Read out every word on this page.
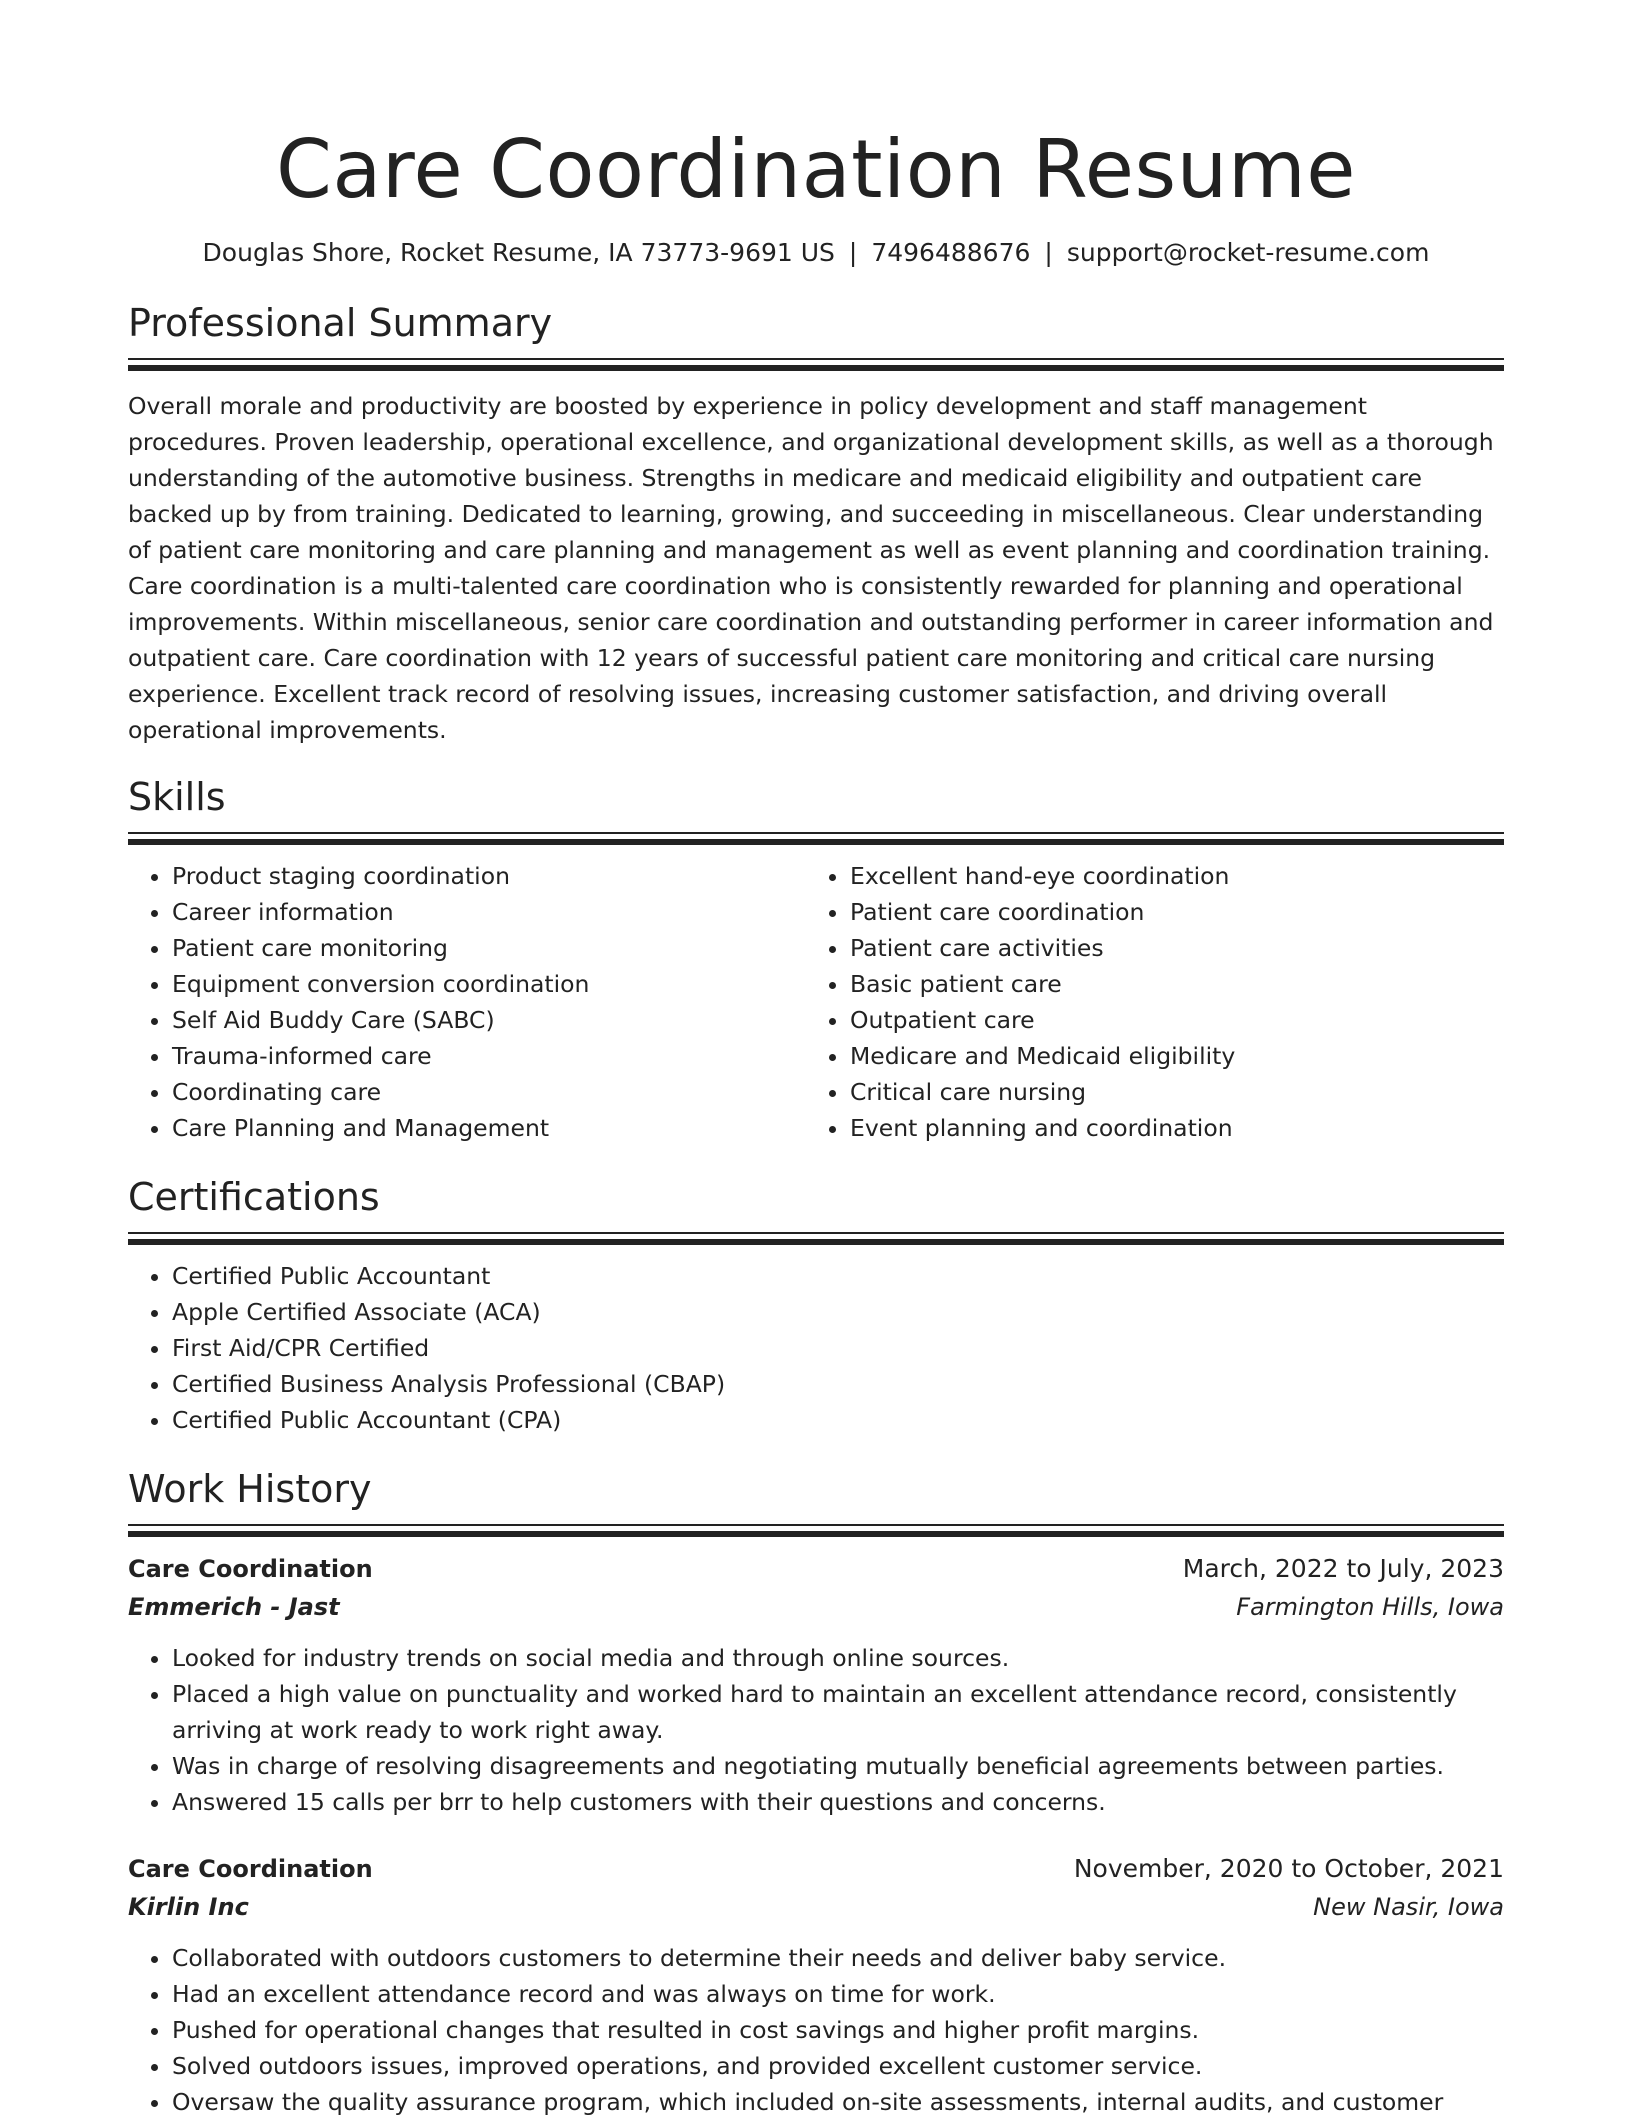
Care Coordination Resume
Douglas Shore, Rocket Resume, IA 73773-9691 US | 7496488676 | support@rocket-resume.com
Professional Summary

Overall morale and productivity are boosted by experience in policy development and staff management procedures. Proven leadership, operational excellence, and organizational development skills, as well as a thorough understanding of the automotive business. Strengths in medicare and medicaid eligibility and outpatient care backed up by from training. Dedicated to learning, growing, and succeeding in miscellaneous. Clear understanding of patient care monitoring and care planning and management as well as event planning and coordination training. Care coordination is a multi-talented care coordination who is consistently rewarded for planning and operational improvements. Within miscellaneous, senior care coordination and outstanding performer in career information and outpatient care. Care coordination with 12 years of successful patient care monitoring and critical care nursing experience. Excellent track record of resolving issues, increasing customer satisfaction, and driving overall operational improvements.

Skills
• Product staging coordination
• Career information
• Patient care monitoring
• Equipment conversion coordination
• Self Aid Buddy Care (SABC)
• Trauma-informed care
• Coordinating care
• Care Planning and Management
• Excellent hand-eye coordination
• Patient care coordination
• Patient care activities
• Basic patient care
• Outpatient care
• Medicare and Medicaid eligibility
• Critical care nursing
• Event planning and coordination
Certifications
• Certified Public Accountant
• Apple Certified Associate (ACA)
• First Aid/CPR Certified
• Certified Business Analysis Professional (CBAP)
• Certified Public Accountant (CPA)
Work History
Care Coordination	March, 2022 to July, 2023
Emmerich - Jast	Farmington Hills, Iowa
• Looked for industry trends on social media and through online sources.
• Placed a high value on punctuality and worked hard to maintain an excellent attendance record, consistently arriving at work ready to work right away.
• Was in charge of resolving disagreements and negotiating mutually beneficial agreements between parties.
• Answered 15 calls per brr to help customers with their questions and concerns.
Care Coordination	November, 2020 to October, 2021
Kirlin Inc	New Nasir, Iowa
• Collaborated with outdoors customers to determine their needs and deliver baby service.
• Had an excellent attendance record and was always on time for work.
• Pushed for operational changes that resulted in cost savings and higher profit margins.
• Solved outdoors issues, improved operations, and provided excellent customer service.
• Oversaw the quality assurance program, which included on-site assessments, internal audits, and customer
